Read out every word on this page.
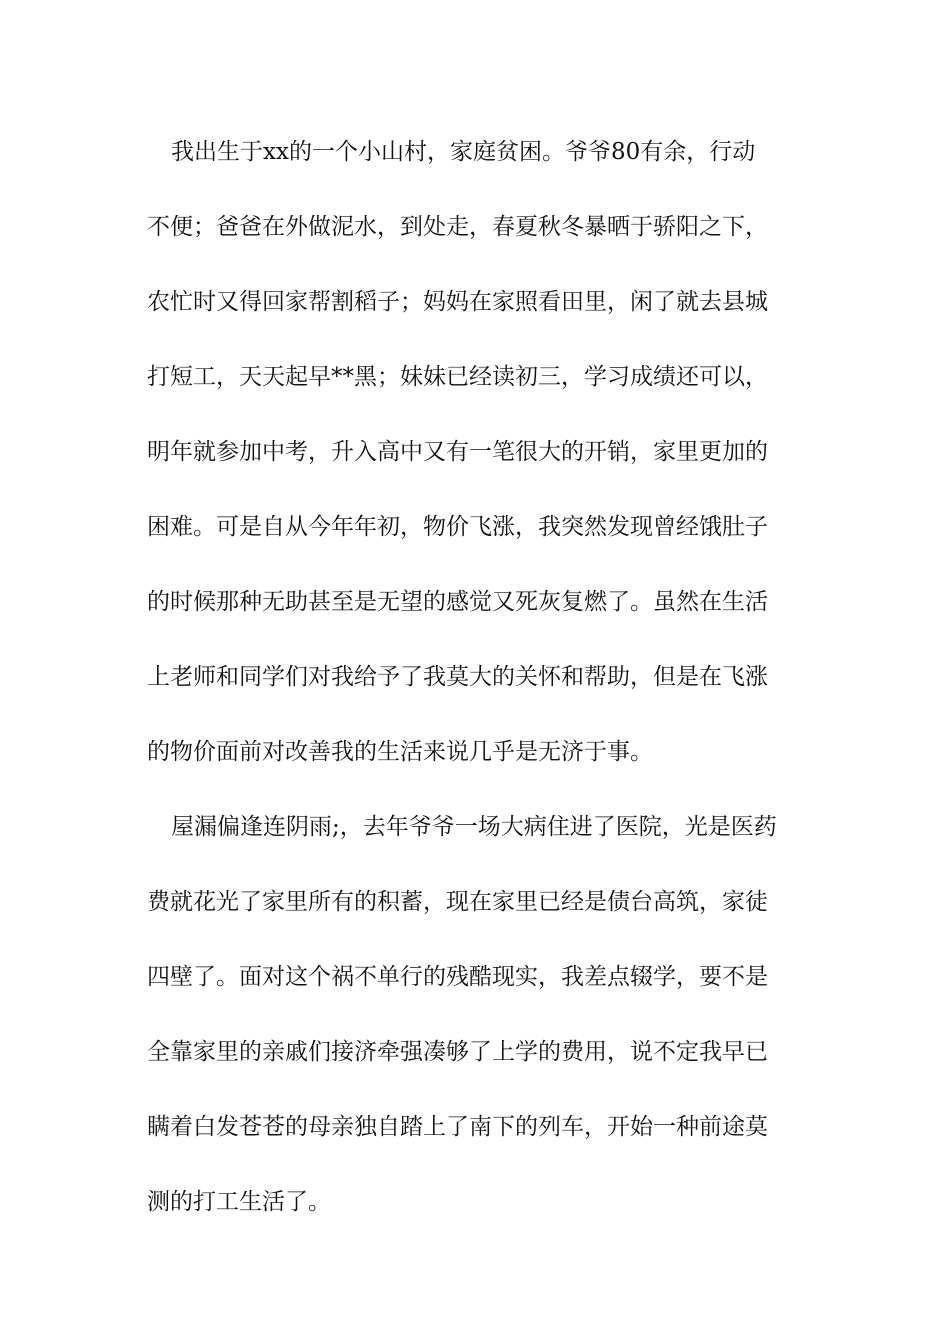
我出生于xx的一个小山村，家庭贫困。爷爷80有余，行动
不便；爸爸在外做泥水，到处走，春夏秋冬暴晒于骄阳之下，
农忙时又得回家帮割稻子；妈妈在家照看田里，闲了就去县城
打短工，天天起早**黑；妹妹已经读初三，学习成绩还可以，
明年就参加中考，升入高中又有一笔很大的开销，家里更加的
困难。可是自从今年年初，物价飞涨，我突然发现曾经饿肚子
的时候那种无助甚至是无望的感觉又死灰复燃了。虽然在生活
上老师和同学们对我给予了我莫大的关怀和帮助，但是在飞涨
的物价面前对改善我的生活来说几乎是无济于事。
屋漏偏逢连阴雨;，去年爷爷一场大病住进了医院，光是医药
费就花光了家里所有的积蓄，现在家里已经是债台高筑，家徒
四壁了。面对这个祸不单行的残酷现实，我差点辍学，要不是
全靠家里的亲戚们接济牵强凑够了上学的费用，说不定我早已
瞒着白发苍苍的母亲独自踏上了南下的列车，开始一种前途莫
测的打工生活了。
